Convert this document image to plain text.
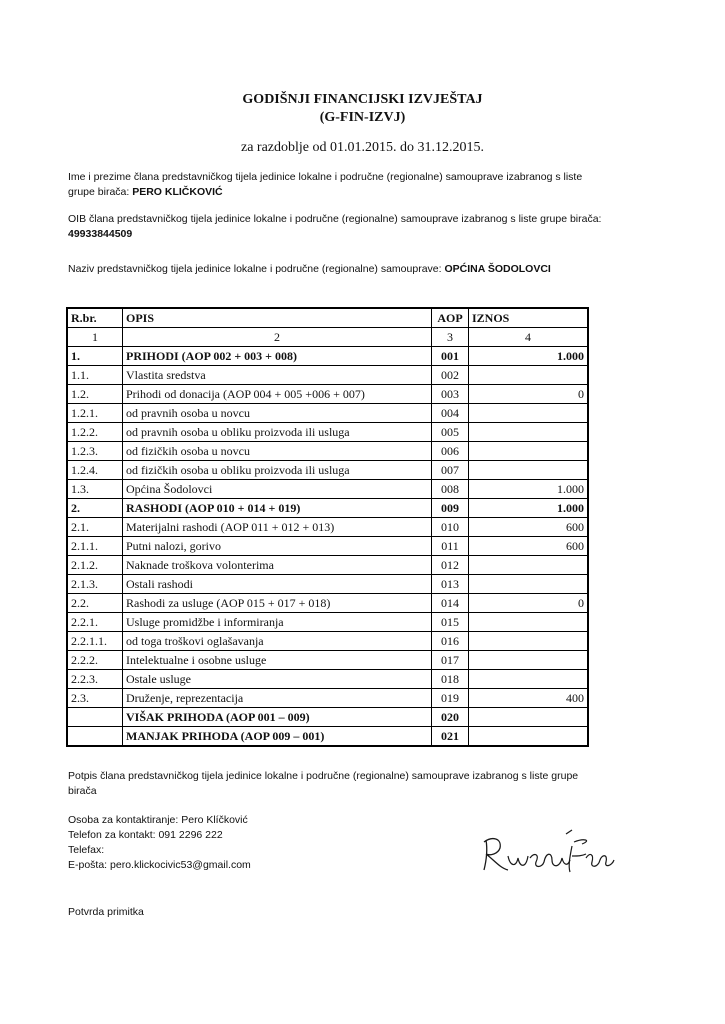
GODIŠNJI FINANCIJSKI IZVJEŠTAJ
(G-FIN-IZVJ)
za razdoblje od 01.01.2015. do 31.12.2015.
Ime i prezime člana predstavničkog tijela jedinice lokalne i područne (regionalne) samouprave izabranog s liste grupe birača: PERO KLIČKOVIĆ
OIB člana predstavničkog tijela jedinice lokalne i područne (regionalne) samouprave izabranog s liste grupe birača: 49933844509
Naziv predstavničkog tijela jedinice lokalne i područne (regionalne) samouprave: OPĆINA ŠODOLOVCI
R.br.	OPIS	AOP	IZNOS
1	2	3	4
1.	PRIHODI (AOP 002 + 003 + 008)	001	1.000
1.1.	Vlastita sredstva	002	
1.2.	Prihodi od donacija (AOP 004 + 005 +006 + 007)	003	0
1.2.1.	od pravnih osoba u novcu	004	
1.2.2.	od pravnih osoba u obliku proizvoda ili usluga	005	
1.2.3.	od fizičkih osoba u novcu	006	
1.2.4.	od fizičkih osoba u obliku proizvoda ili usluga	007	
1.3.	Općina Šodolovci	008	1.000
2.	RASHODI (AOP 010 + 014 + 019)	009	1.000
2.1.	Materijalni rashodi (AOP 011 + 012 + 013)	010	600
2.1.1.	Putni nalozi, gorivo	011	600
2.1.2.	Naknade troškova volonterima	012	
2.1.3.	Ostali rashodi	013	
2.2.	Rashodi za usluge (AOP 015 + 017 + 018)	014	0
2.2.1.	Usluge promidžbe i informiranja	015	
2.2.1.1.	od toga troškovi oglašavanja	016	
2.2.2.	Intelektualne i osobne usluge	017	
2.2.3.	Ostale usluge	018	
2.3.	Druženje, reprezentacija	019	400
	VIŠAK PRIHODA (AOP 001 – 009)	020	
	MANJAK PRIHODA (AOP 009 – 001)	021	
Potpis člana predstavničkog tijela jedinice lokalne i područne (regionalne) samouprave izabranog s liste grupe birača
Osoba za kontaktiranje: Pero Klíčković
Telefon za kontakt: 091 2296 222
Telefax:
E-pošta: pero.klickocivic53@gmail.com
Potvrda primitka
